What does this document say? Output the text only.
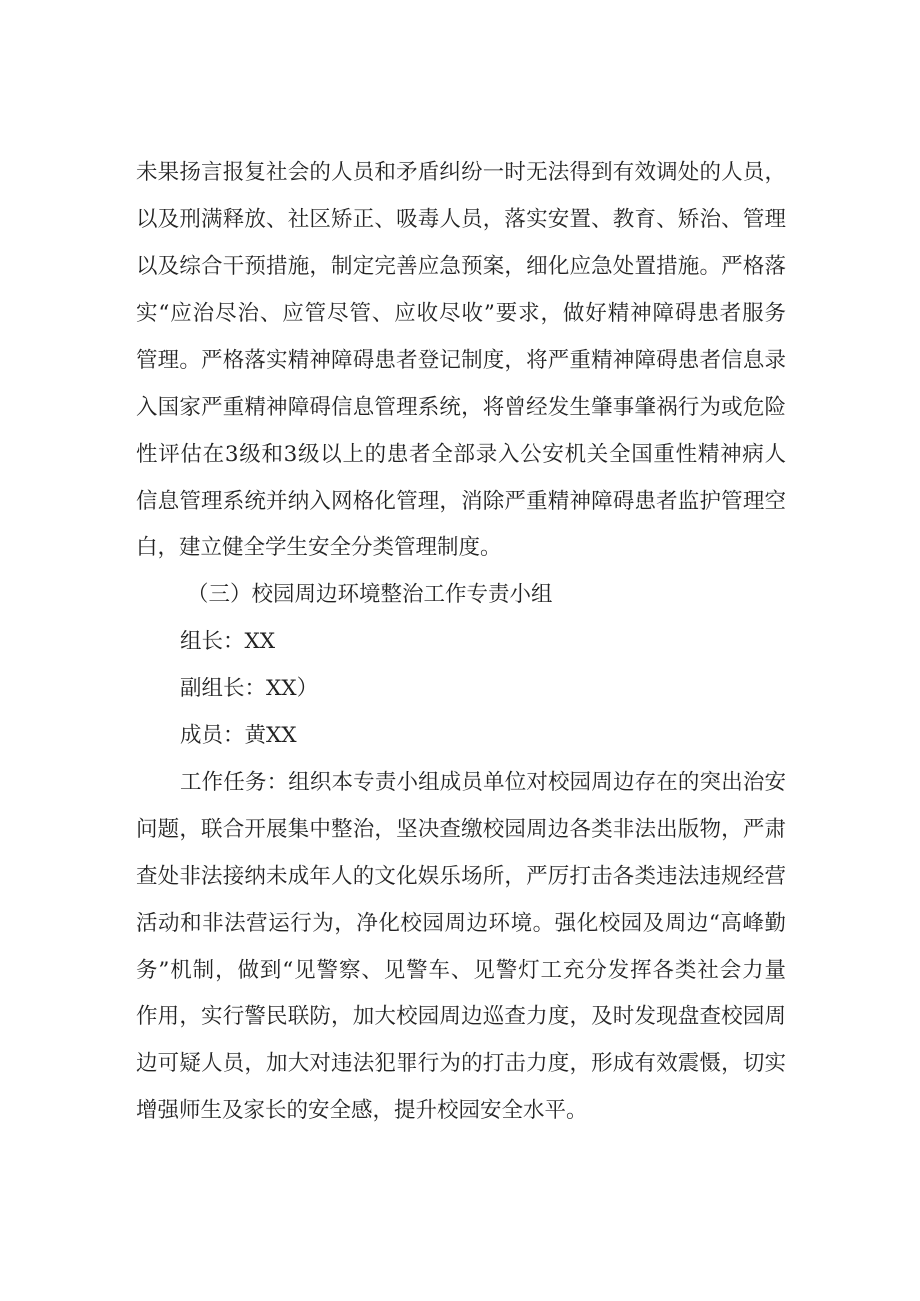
未果扬言报复社会的人员和矛盾纠纷一时无法得到有效调处的人员，
以及刑满释放、社区矫正、吸毒人员，落实安置、教育、矫治、管理
以及综合干预措施，制定完善应急预案，细化应急处置措施。严格落
实“应治尽治、应管尽管、应收尽收”要求，做好精神障碍患者服务
管理。严格落实精神障碍患者登记制度，将严重精神障碍患者信息录
入国家严重精神障碍信息管理系统，将曾经发生肇事肇祸行为或危险
性评估在3级和3级以上的患者全部录入公安机关全国重性精神病人
信息管理系统并纳入网格化管理，消除严重精神障碍患者监护管理空
白，建立健全学生安全分类管理制度。
（三）校园周边环境整治工作专责小组
组长：XX
副组长：XX）
成员：黄XX
工作任务：组织本专责小组成员单位对校园周边存在的突出治安
问题，联合开展集中整治，坚决查缴校园周边各类非法出版物，严肃
查处非法接纳未成年人的文化娱乐场所，严厉打击各类违法违规经营
活动和非法营运行为，净化校园周边环境。强化校园及周边“高峰勤
务”机制，做到“见警察、见警车、见警灯工充分发挥各类社会力量
作用，实行警民联防，加大校园周边巡查力度，及时发现盘查校园周
边可疑人员，加大对违法犯罪行为的打击力度，形成有效震慑，切实
增强师生及家长的安全感，提升校园安全水平。
